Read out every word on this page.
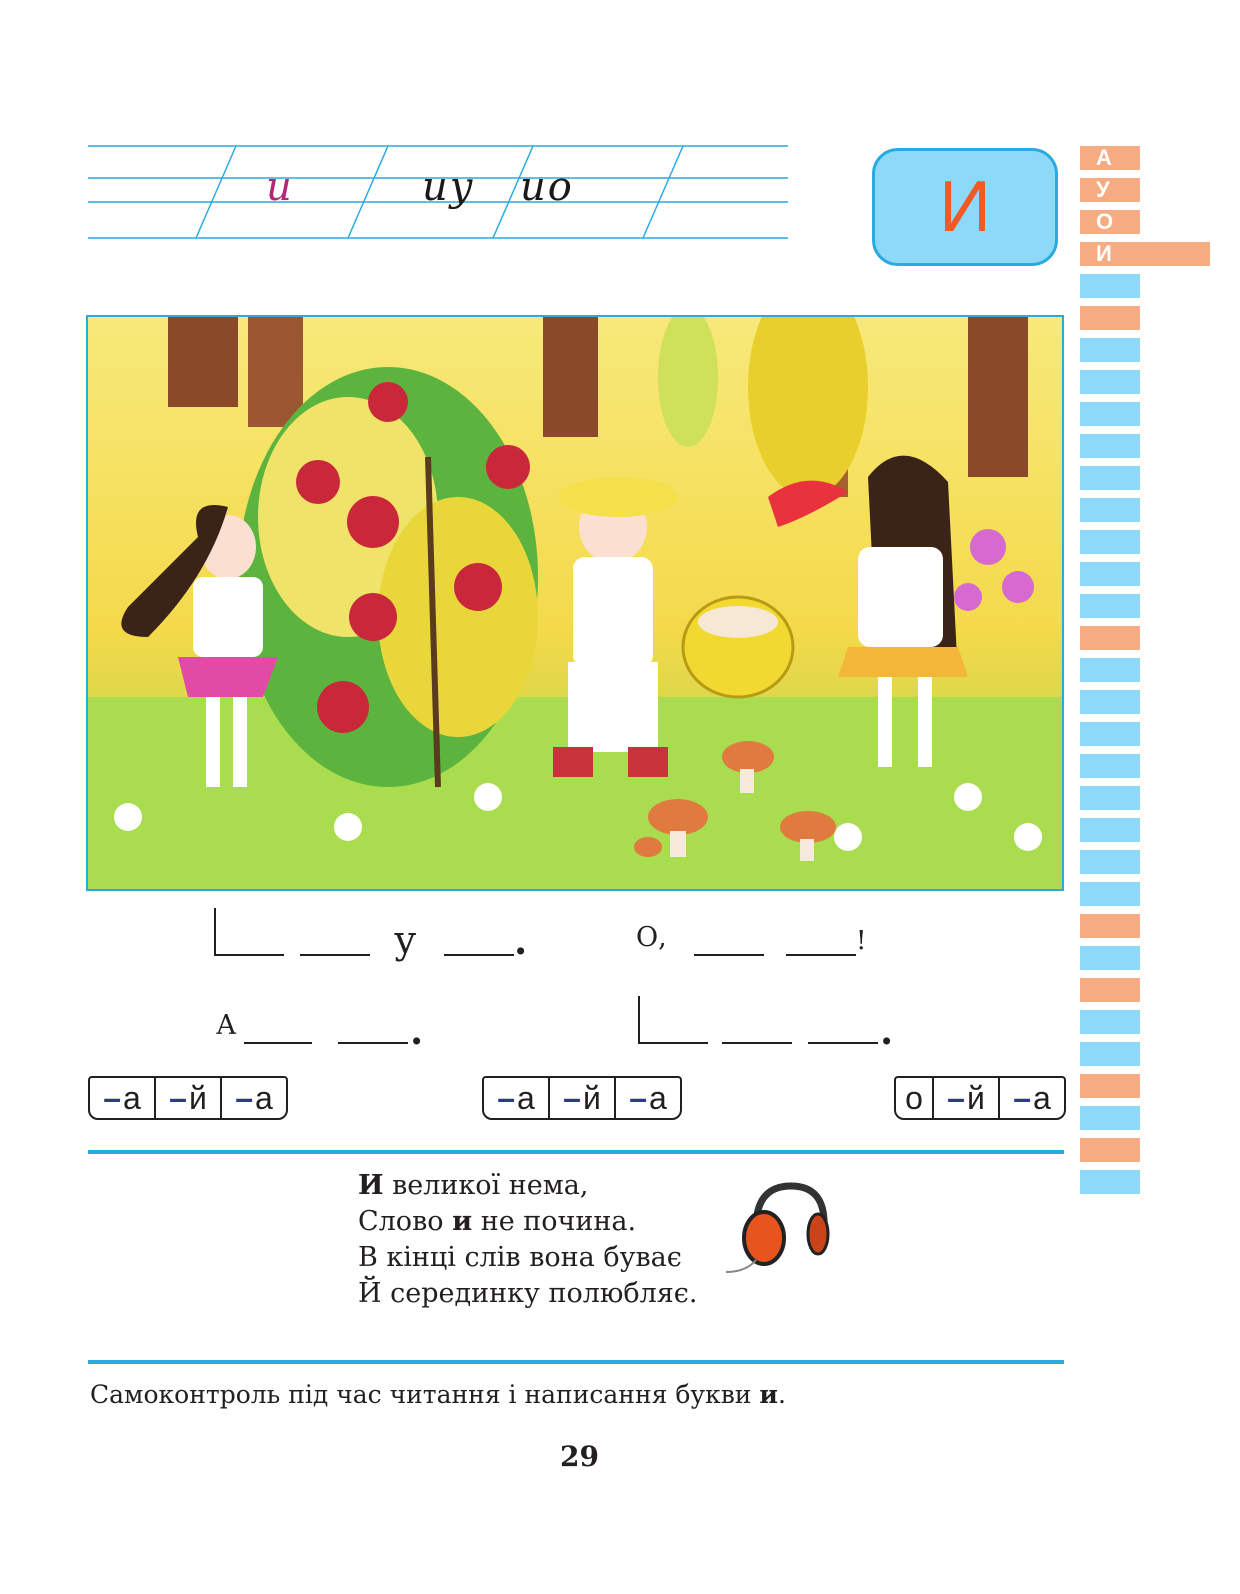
и	иу ио	И
А
У
О
И
у	.	О,	!
А	.	.
– а – й – а	– а – й – а	о – й – а
И великої нема,
Слово и не почина.
В кінці слів вона буває
Й серединку полюбляє.
Самоконтроль під час читання і написання букви и.
29
